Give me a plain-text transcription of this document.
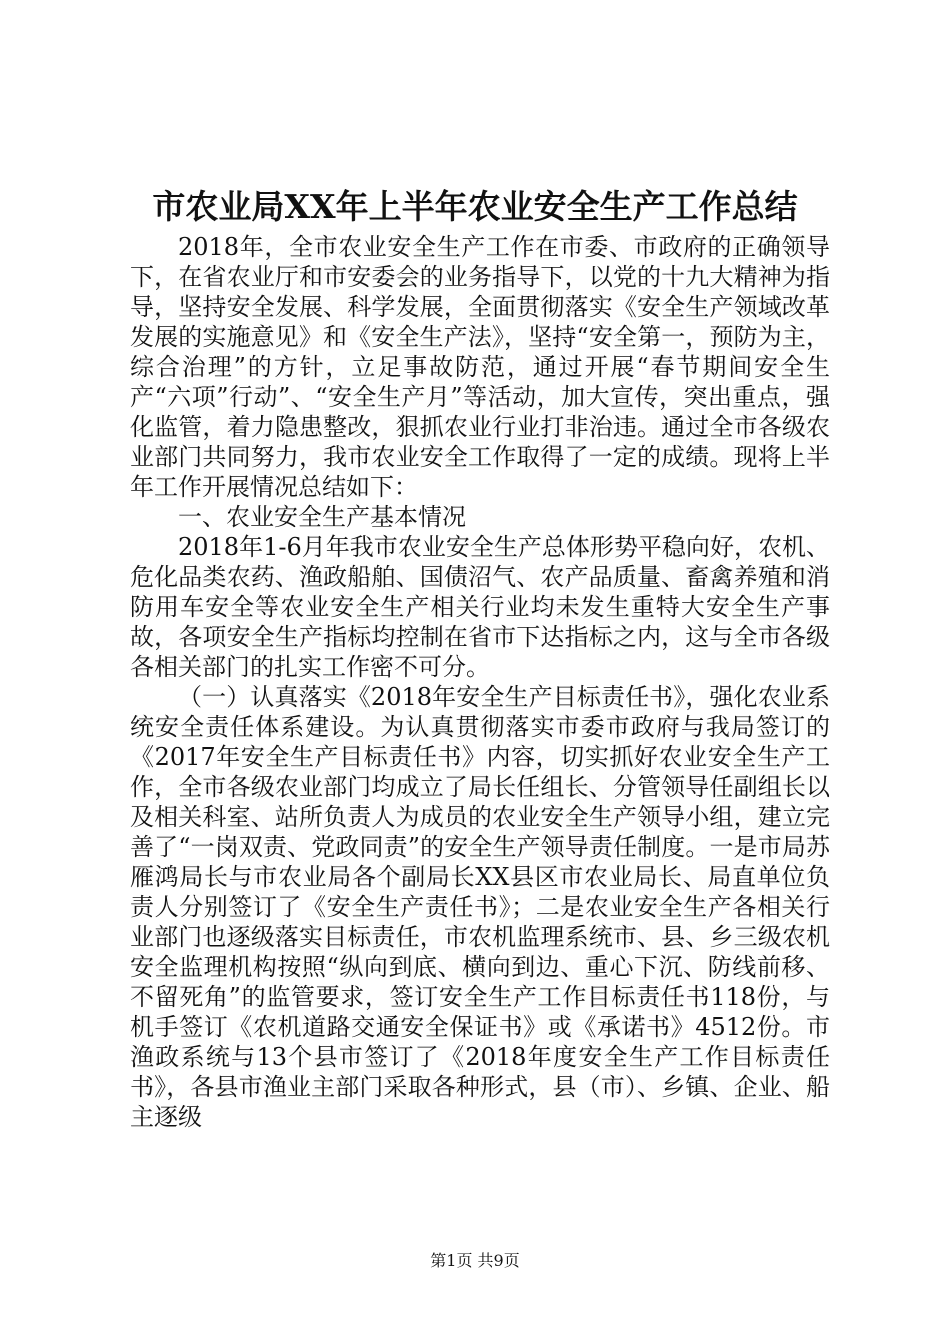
市农业局XX年上半年农业安全生产工作总结

2018年，全市农业安全生产工作在市委、市政府的正确领导下，在省农业厅和市安委会的业务指导下，以党的十九大精神为指导，坚持安全发展、科学发展，全面贯彻落实《安全生产领域改革发展的实施意见》和《安全生产法》，坚持“安全第一，预防为主，综合治理”的方针，立足事故防范，通过开展“春节期间安全生产“六项”行动”、“安全生产月”等活动，加大宣传，突出重点，强化监管，着力隐患整改，狠抓农业行业打非治违。通过全市各级农业部门共同努力，我市农业安全工作取得了一定的成绩。现将上半年工作开展情况总结如下：

一、农业安全生产基本情况

2018年1-6月年我市农业安全生产总体形势平稳向好，农机、危化品类农药、渔政船舶、国债沼气、农产品质量、畜禽养殖和消防用车安全等农业安全生产相关行业均未发生重特大安全生产事故，各项安全生产指标均控制在省市下达指标之内，这与全市各级各相关部门的扎实工作密不可分。

（一）认真落实《2018年安全生产目标责任书》，强化农业系统安全责任体系建设。为认真贯彻落实市委市政府与我局签订的《2017年安全生产目标责任书》内容，切实抓好农业安全生产工作，全市各级农业部门均成立了局长任组长、分管领导任副组长以及相关科室、站所负责人为成员的农业安全生产领导小组，建立完善了“一岗双责、党政同责”的安全生产领导责任制度。一是市局苏雁鸿局长与市农业局各个副局长XX县区市农业局长、局直单位负责人分别签订了《安全生产责任书》；二是农业安全生产各相关行业部门也逐级落实目标责任，市农机监理系统市、县、乡三级农机安全监理机构按照“纵向到底、横向到边、重心下沉、防线前移、不留死角”的监管要求，签订安全生产工作目标责任书118份，与机手签订《农机道路交通安全保证书》或《承诺书》4512份。市渔政系统与13个县市签订了《2018年度安全生产工作目标责任书》，各县市渔业主部门采取各种形式，县（市）、乡镇、企业、船主逐级

第1页 共9页
